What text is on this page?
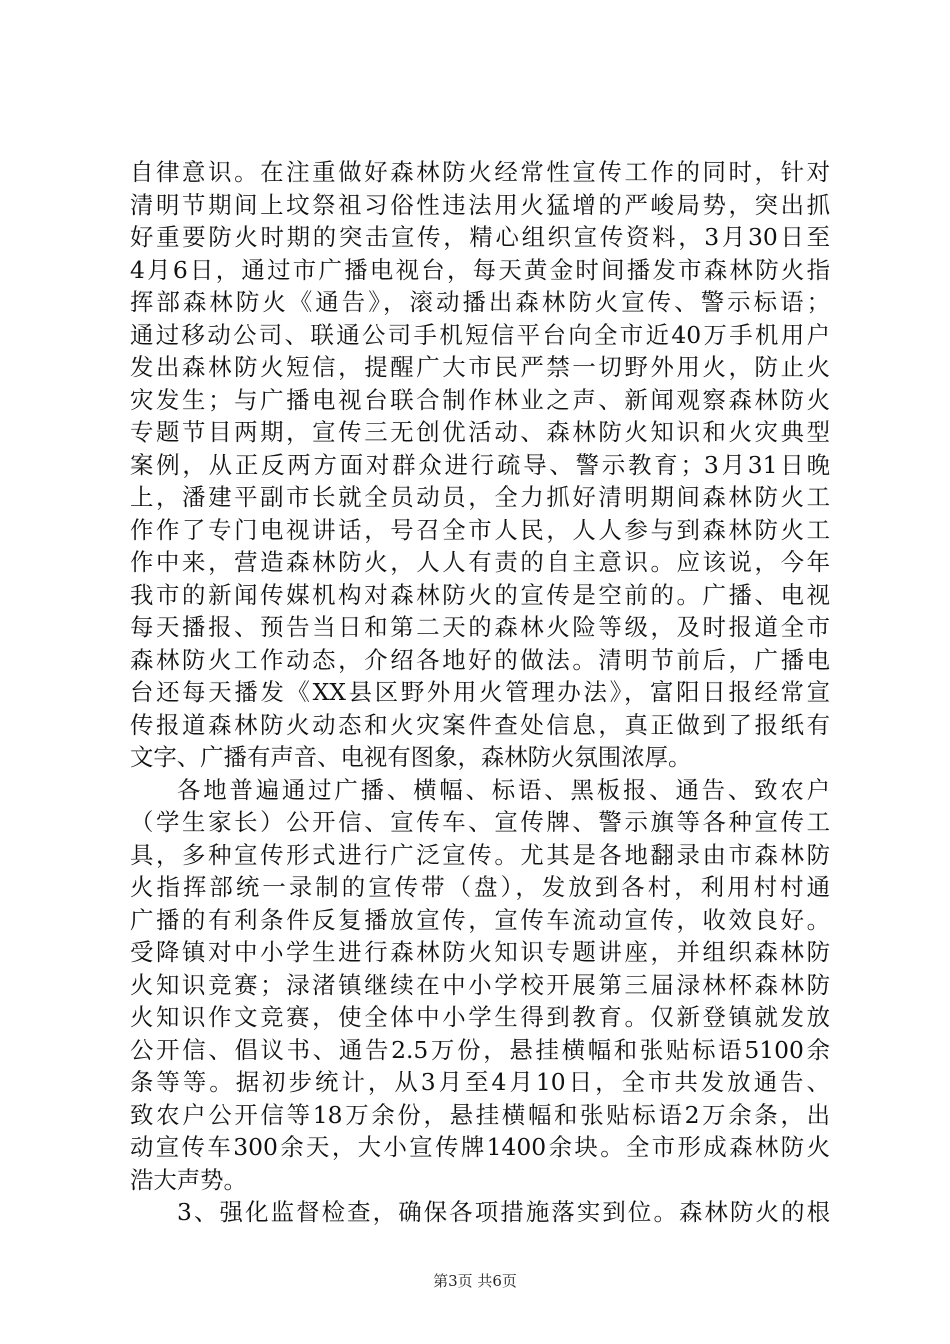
自律意识。在注重做好森林防火经常性宣传工作的同时，针对
清明节期间上坟祭祖习俗性违法用火猛增的严峻局势，突出抓
好重要防火时期的突击宣传，精心组织宣传资料，3月30日至
4月6日，通过市广播电视台，每天黄金时间播发市森林防火指
挥部森林防火《通告》，滚动播出森林防火宣传、警示标语；
通过移动公司、联通公司手机短信平台向全市近40万手机用户
发出森林防火短信，提醒广大市民严禁一切野外用火，防止火
灾发生；与广播电视台联合制作林业之声、新闻观察森林防火
专题节目两期，宣传三无创优活动、森林防火知识和火灾典型
案例，从正反两方面对群众进行疏导、警示教育；3月31日晚
上，潘建平副市长就全员动员，全力抓好清明期间森林防火工
作作了专门电视讲话，号召全市人民，人人参与到森林防火工
作中来，营造森林防火，人人有责的自主意识。应该说，今年
我市的新闻传媒机构对森林防火的宣传是空前的。广播、电视
每天播报、预告当日和第二天的森林火险等级，及时报道全市
森林防火工作动态，介绍各地好的做法。清明节前后，广播电
台还每天播发《XX县区野外用火管理办法》，富阳日报经常宣
传报道森林防火动态和火灾案件查处信息，真正做到了报纸有
文字、广播有声音、电视有图象，森林防火氛围浓厚。
各地普遍通过广播、横幅、标语、黑板报、通告、致农户
（学生家长）公开信、宣传车、宣传牌、警示旗等各种宣传工
具，多种宣传形式进行广泛宣传。尤其是各地翻录由市森林防
火指挥部统一录制的宣传带（盘），发放到各村，利用村村通
广播的有利条件反复播放宣传，宣传车流动宣传，收效良好。
受降镇对中小学生进行森林防火知识专题讲座，并组织森林防
火知识竞赛；渌渚镇继续在中小学校开展第三届渌林杯森林防
火知识作文竞赛，使全体中小学生得到教育。仅新登镇就发放
公开信、倡议书、通告2.5万份，悬挂横幅和张贴标语5100余
条等等。据初步统计，从3月至4月10日，全市共发放通告、
致农户公开信等18万余份，悬挂横幅和张贴标语2万余条，出
动宣传车300余天，大小宣传牌1400余块。全市形成森林防火
浩大声势。
3、强化监督检查，确保各项措施落实到位。森林防火的根
第3页 共6页
